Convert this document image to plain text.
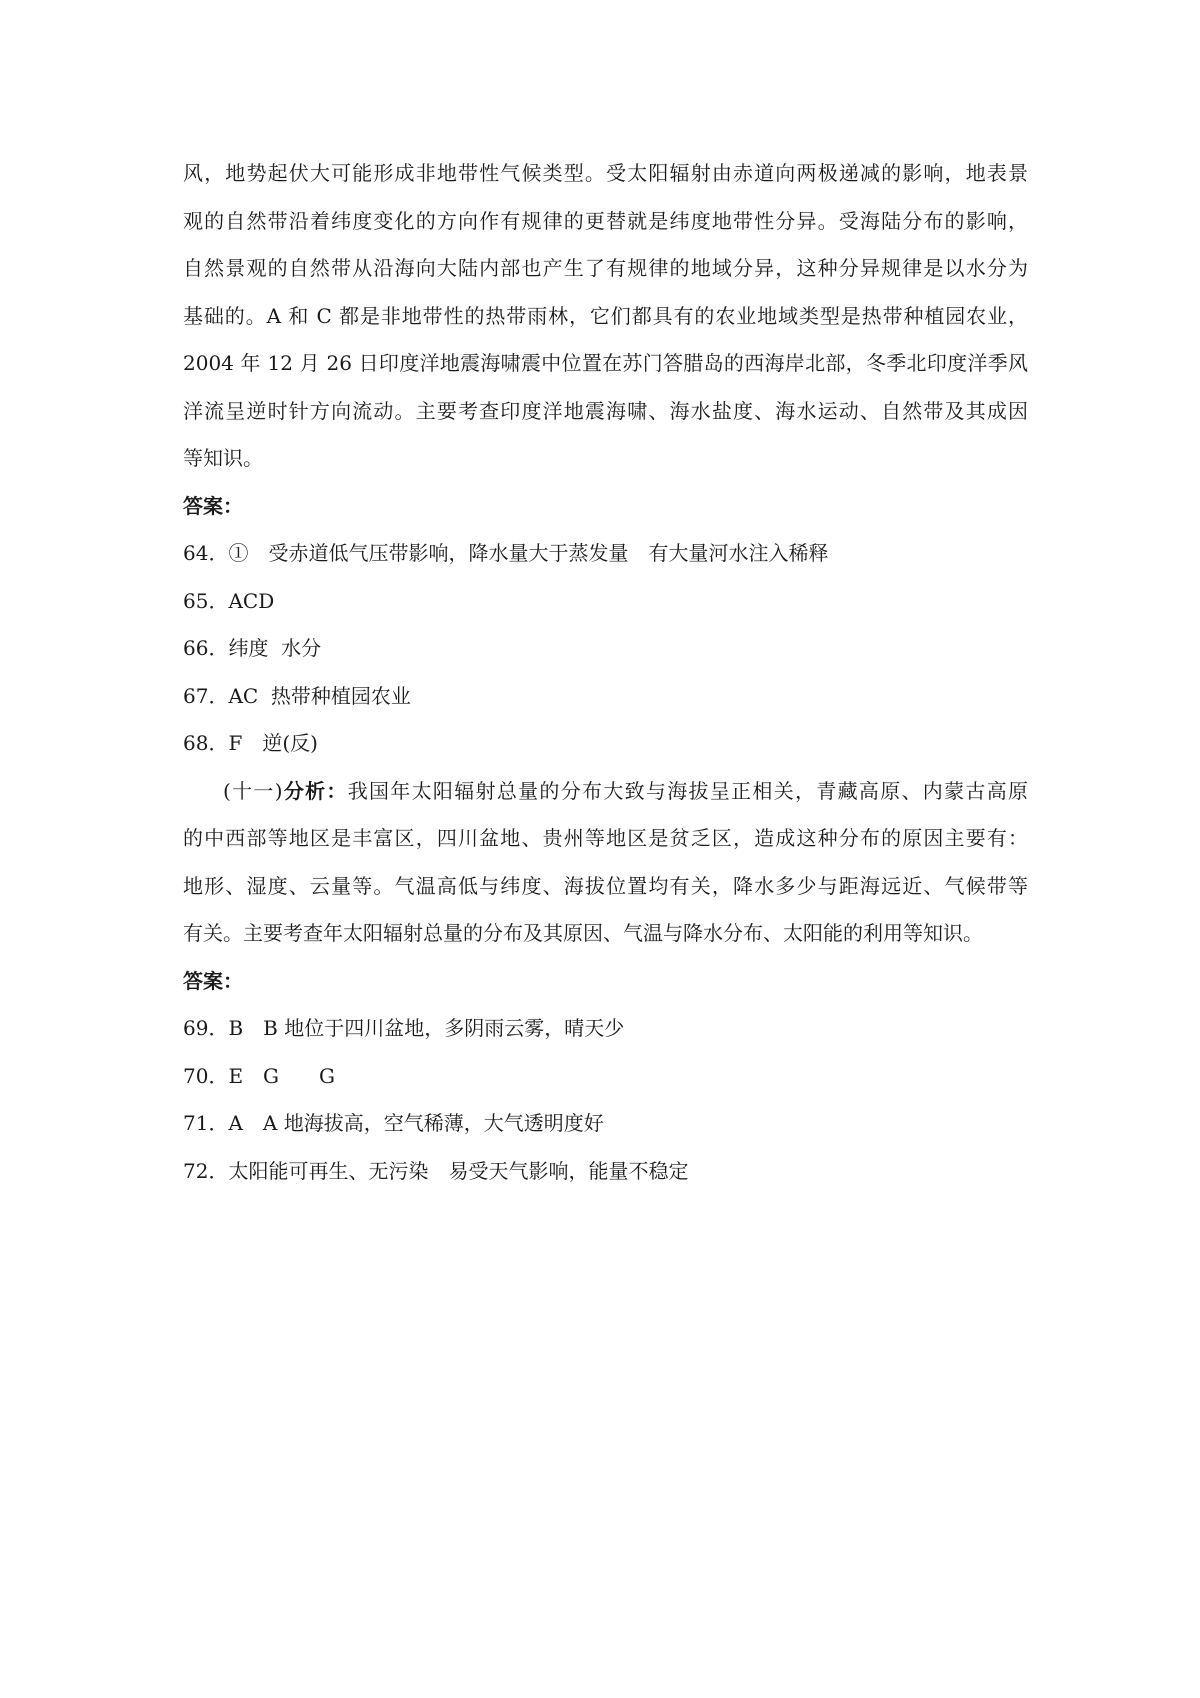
风，地势起伏大可能形成非地带性气候类型。受太阳辐射由赤道向两极递减的影响，地表景
观的自然带沿着纬度变化的方向作有规律的更替就是纬度地带性分异。受海陆分布的影响，
自然景观的自然带从沿海向大陆内部也产生了有规律的地域分异，这种分异规律是以水分为
基础的。A 和 C 都是非地带性的热带雨林，它们都具有的农业地域类型是热带种植园农业，
2004 年 12 月 26 日印度洋地震海啸震中位置在苏门答腊岛的西海岸北部，冬季北印度洋季风
洋流呈逆时针方向流动。主要考查印度洋地震海啸、海水盐度、海水运动、自然带及其成因
等知识。

答案：

64．①　受赤道低气压带影响，降水量大于蒸发量　有大量河水注入稀释

65．ACD

66．纬度  水分

67．AC  热带种植园农业

68．F　逆(反)

(十一)分析：我国年太阳辐射总量的分布大致与海拔呈正相关，青藏高原、内蒙古高原
的中西部等地区是丰富区，四川盆地、贵州等地区是贫乏区，造成这种分布的原因主要有：
地形、湿度、云量等。气温高低与纬度、海拔位置均有关，降水多少与距海远近、气候带等
有关。主要考查年太阳辐射总量的分布及其原因、气温与降水分布、太阳能的利用等知识。

答案：

69．B　B 地位于四川盆地，多阴雨云雾，晴天少

70．E　G　　G

71．A　A 地海拔高，空气稀薄，大气透明度好

72．太阳能可再生、无污染　易受天气影响，能量不稳定
